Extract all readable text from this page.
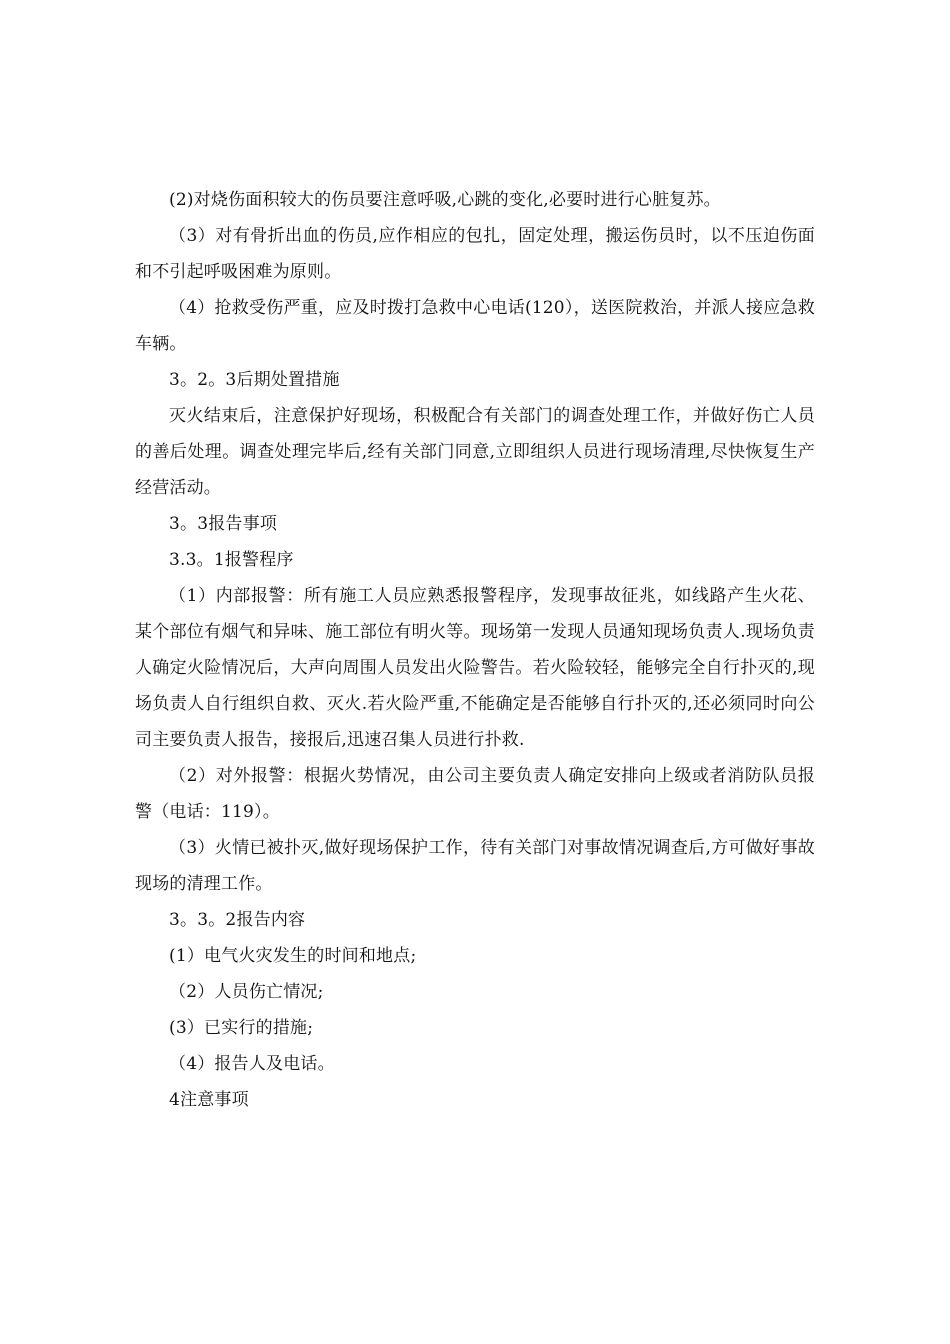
(2)对烧伤面积较大的伤员要注意呼吸,心跳的变化,必要时进行心脏复苏。

（3）对有骨折出血的伤员,应作相应的包扎，固定处理，搬运伤员时，以不压迫伤面和不引起呼吸困难为原则。

（4）抢救受伤严重，应及时拨打急救中心电话(120），送医院救治，并派人接应急救车辆。

3。2。3后期处置措施

灭火结束后，注意保护好现场，积极配合有关部门的调查处理工作，并做好伤亡人员的善后处理。调查处理完毕后,经有关部门同意,立即组织人员进行现场清理,尽快恢复生产经营活动。

3。3报告事项

3.3。1报警程序

（1）内部报警：所有施工人员应熟悉报警程序，发现事故征兆，如线路产生火花、某个部位有烟气和异味、施工部位有明火等。现场第一发现人员通知现场负责人.现场负责人确定火险情况后，大声向周围人员发出火险警告。若火险较轻，能够完全自行扑灭的,现场负责人自行组织自救、灭火.若火险严重,不能确定是否能够自行扑灭的,还必须同时向公司主要负责人报告，接报后,迅速召集人员进行扑救.

（2）对外报警：根据火势情况，由公司主要负责人确定安排向上级或者消防队员报警（电话：119）。

（3）火情已被扑灭,做好现场保护工作，待有关部门对事故情况调查后,方可做好事故现场的清理工作。

3。3。2报告内容

(1）电气火灾发生的时间和地点;

（2）人员伤亡情况;

(3）已实行的措施;

（4）报告人及电话。

4注意事项
